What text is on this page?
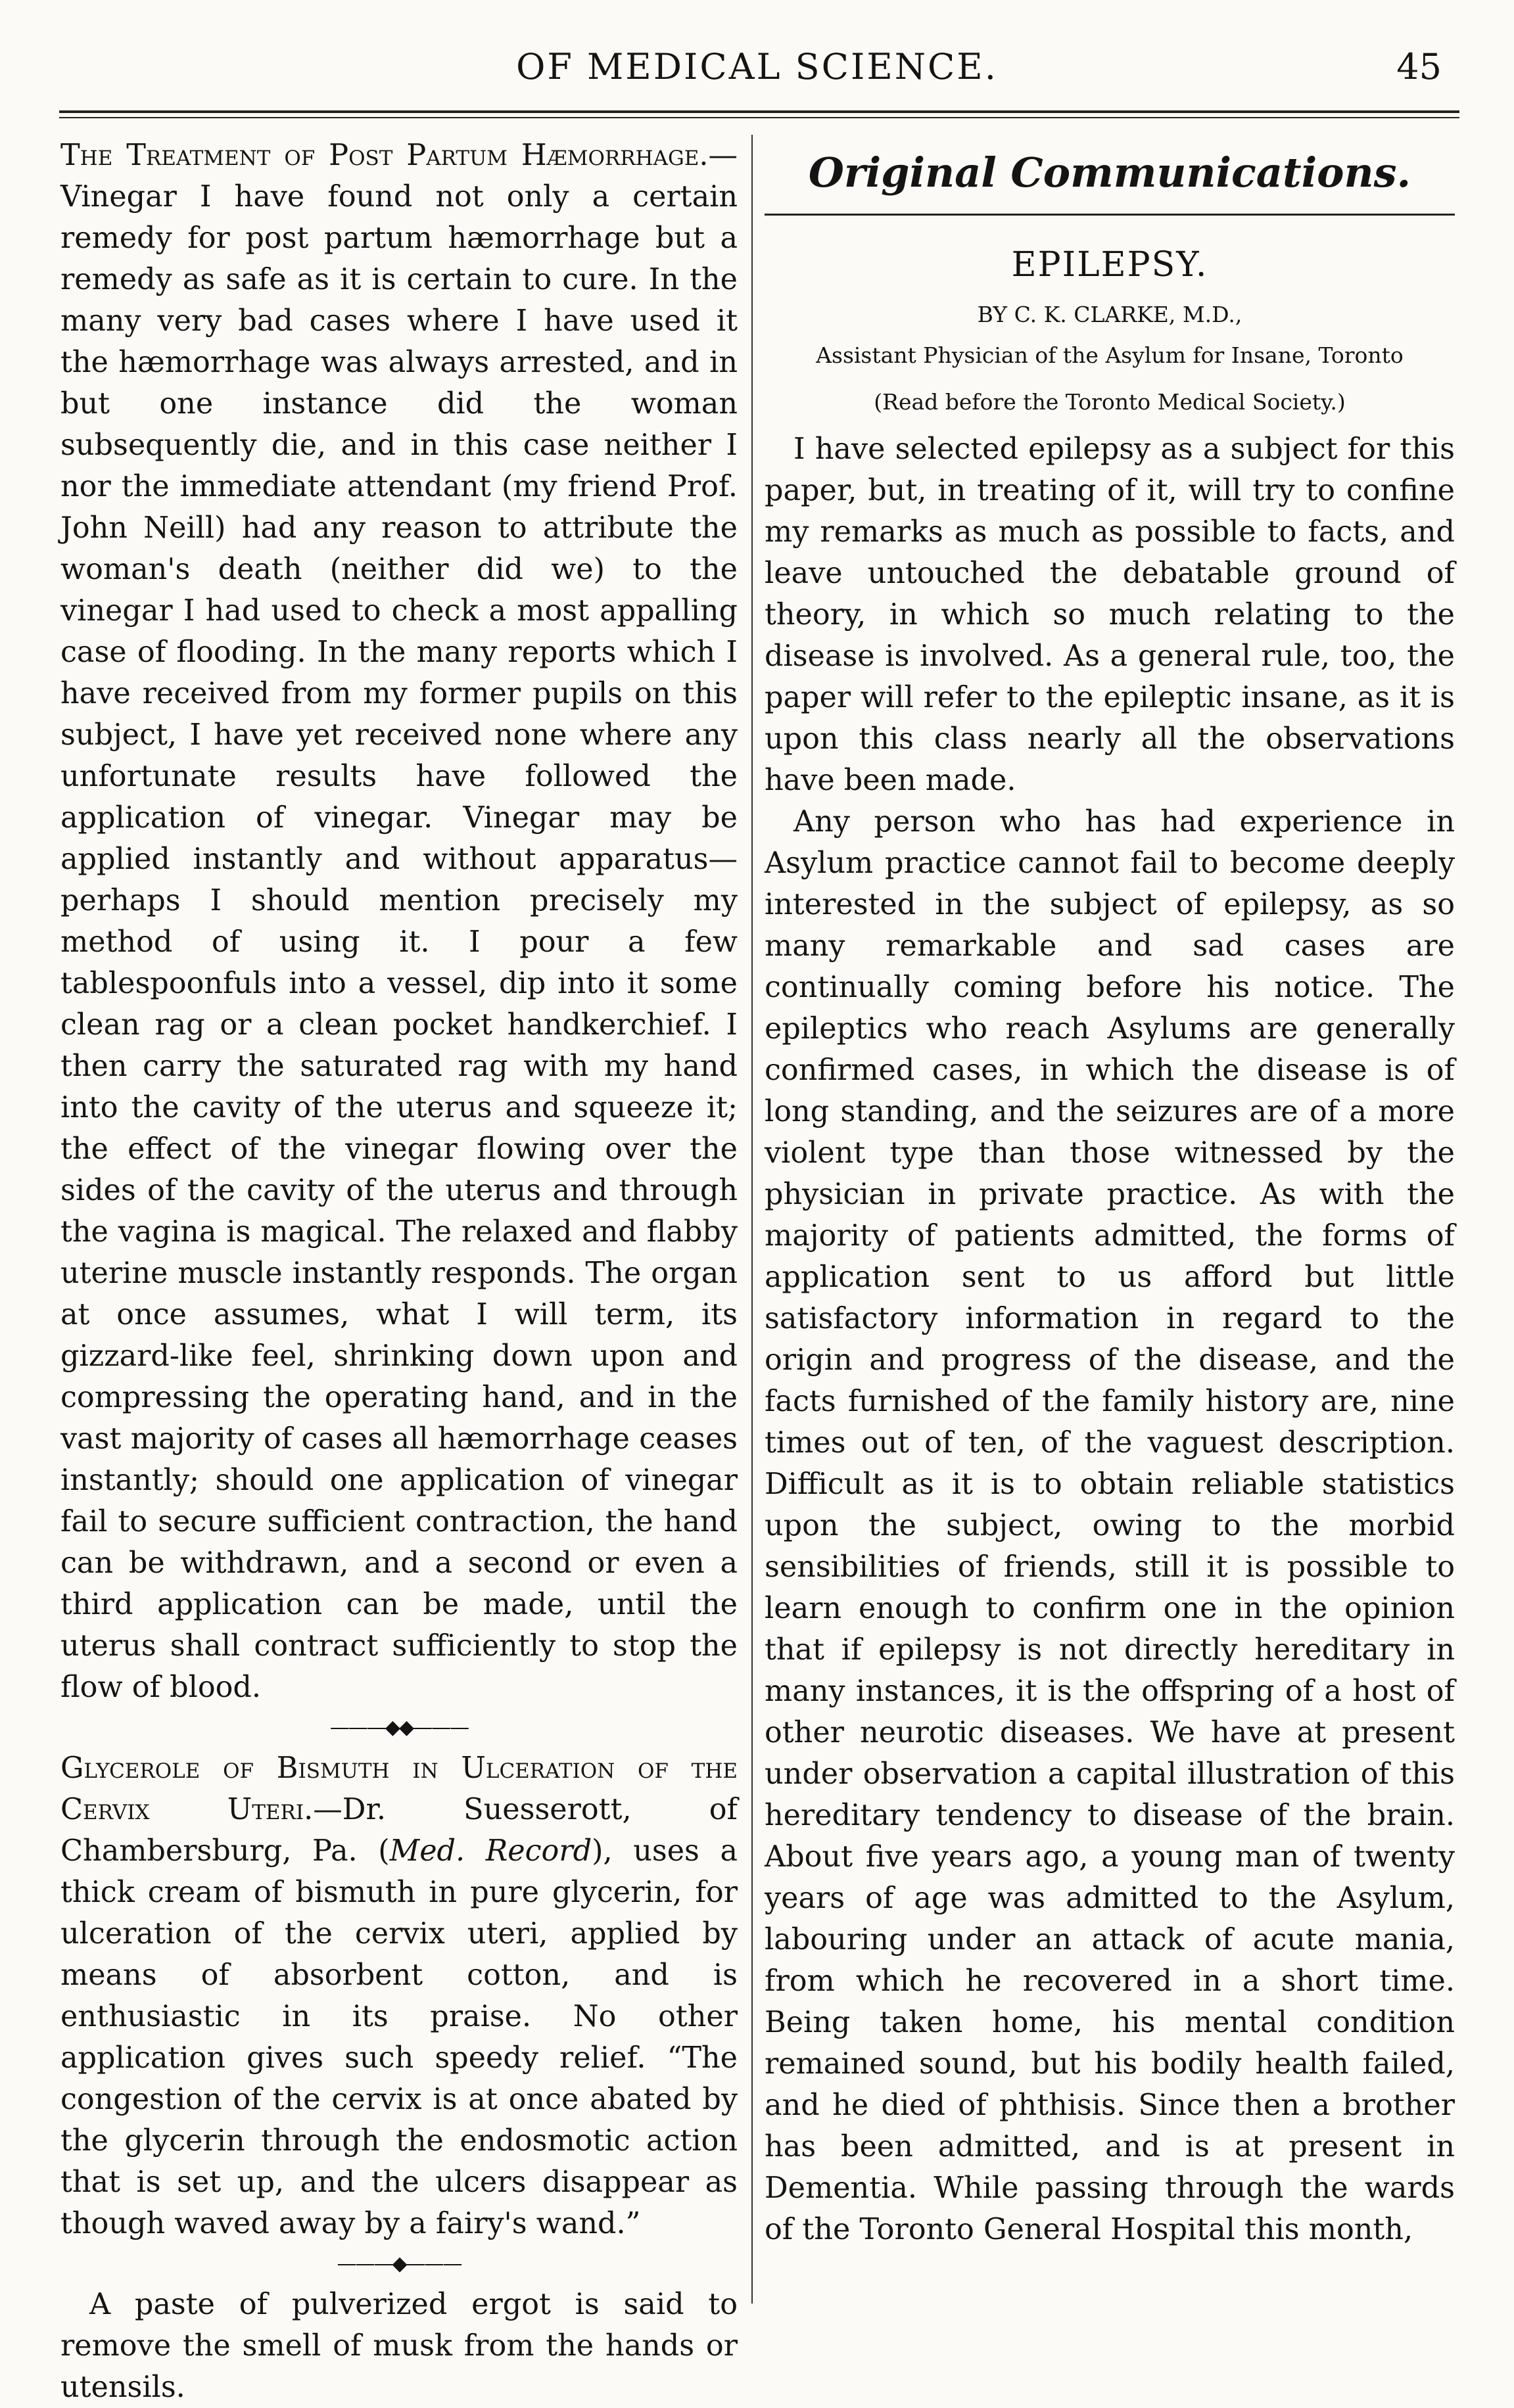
OF MEDICAL SCIENCE.	45

The Treatment of Post Partum Hæmorrhage.—Vinegar I have found not only a certain remedy for post partum hæmorrhage but a remedy as safe as it is certain to cure. In the many very bad cases where I have used it the hæmorrhage was always arrested, and in but one instance did the woman subsequently die, and in this case neither I nor the immediate attendant (my friend Prof. John Neill) had any reason to attribute the woman's death (neither did we) to the vinegar I had used to check a most appalling case of flooding. In the many reports which I have received from my former pupils on this subject, I have yet received none where any unfortunate results have followed the application of vinegar. Vinegar may be applied instantly and without apparatus—perhaps I should mention precisely my method of using it. I pour a few tablespoonfuls into a vessel, dip into it some clean rag or a clean pocket handkerchief. I then carry the saturated rag with my hand into the cavity of the uterus and squeeze it; the effect of the vinegar flowing over the sides of the cavity of the uterus and through the vagina is magical. The relaxed and flabby uterine muscle instantly responds. The organ at once assumes, what I will term, its gizzard-like feel, shrinking down upon and compressing the operating hand, and in the vast majority of cases all hæmorrhage ceases instantly; should one application of vinegar fail to secure sufficient contraction, the hand can be withdrawn, and a second or even a third application can be made, until the uterus shall contract sufficiently to stop the flow of blood.

———◆◆———

Glycerole of Bismuth in Ulceration of the Cervix Uteri.—Dr. Suesserott, of Chambersburg, Pa. (Med. Record), uses a thick cream of bismuth in pure glycerin, for ulceration of the cervix uteri, applied by means of absorbent cotton, and is enthusiastic in its praise. No other application gives such speedy relief. “The congestion of the cervix is at once abated by the glycerin through the endosmotic action that is set up, and the ulcers disappear as though waved away by a fairy's wand.”

———◆———

A paste of pulverized ergot is said to remove the smell of musk from the hands or utensils.

Original Communications.
EPILEPSY.
BY C. K. CLARKE, M.D.,
Assistant Physician of the Asylum for Insane, Toronto
(Read before the Toronto Medical Society.)

I have selected epilepsy as a subject for this paper, but, in treating of it, will try to confine my remarks as much as possible to facts, and leave untouched the debatable ground of theory, in which so much relating to the disease is involved. As a general rule, too, the paper will refer to the epileptic insane, as it is upon this class nearly all the observations have been made.

Any person who has had experience in Asylum practice cannot fail to become deeply interested in the subject of epilepsy, as so many remarkable and sad cases are continually coming before his notice. The epileptics who reach Asylums are generally confirmed cases, in which the disease is of long standing, and the seizures are of a more violent type than those witnessed by the physician in private practice. As with the majority of patients admitted, the forms of application sent to us afford but little satisfactory information in regard to the origin and progress of the disease, and the facts furnished of the family history are, nine times out of ten, of the vaguest description. Difficult as it is to obtain reliable statistics upon the subject, owing to the morbid sensibilities of friends, still it is possible to learn enough to confirm one in the opinion that if epilepsy is not directly hereditary in many instances, it is the offspring of a host of other neurotic diseases. We have at present under observation a capital illustration of this hereditary tendency to disease of the brain. About five years ago, a young man of twenty years of age was admitted to the Asylum, labouring under an attack of acute mania, from which he recovered in a short time. Being taken home, his mental condition remained sound, but his bodily health failed, and he died of phthisis. Since then a brother has been admitted, and is at present in Dementia. While passing through the wards of the Toronto General Hospital this month,
